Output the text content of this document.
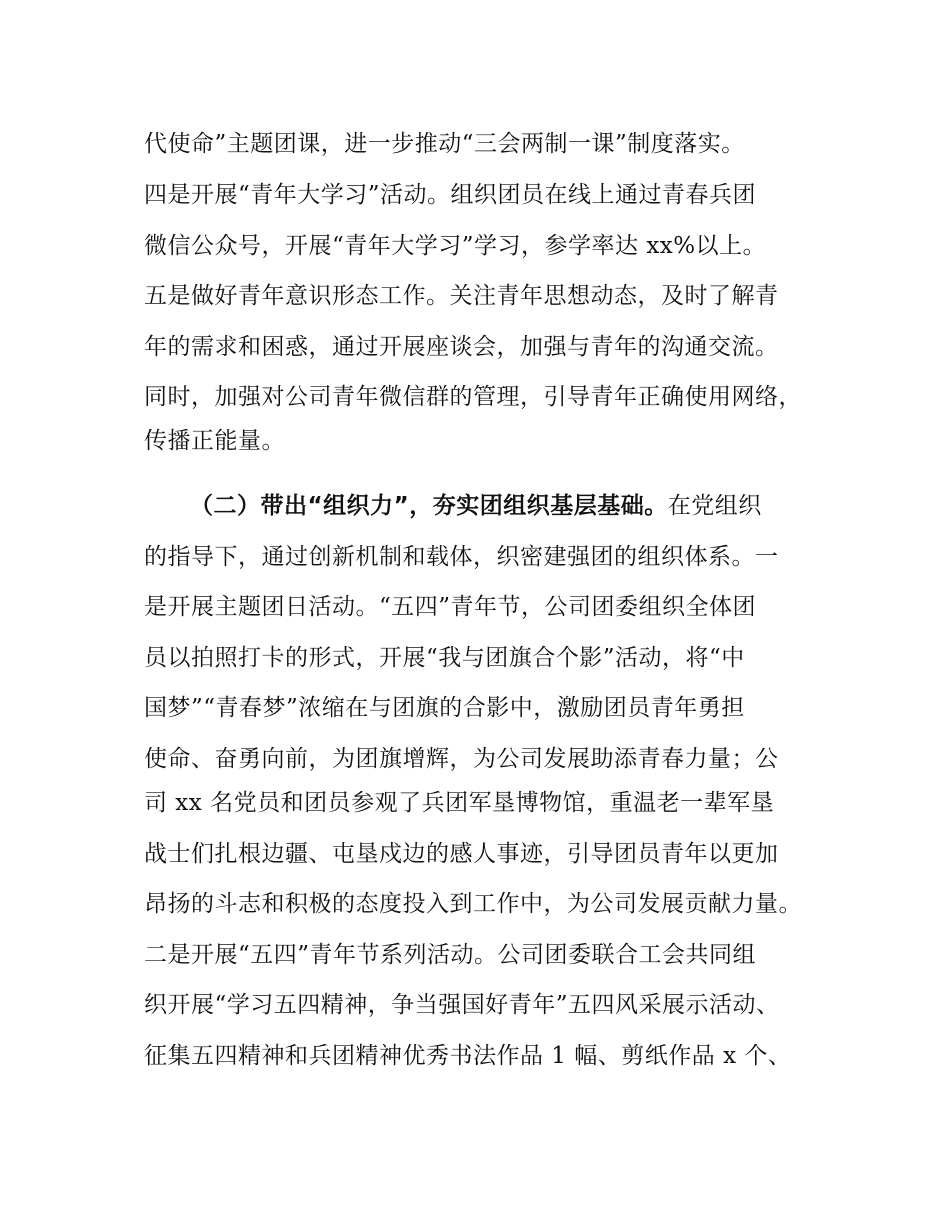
代使命”主题团课，进一步推动“三会两制一课”制度落实。
四是开展“青年大学习”活动。组织团员在线上通过青春兵团
微信公众号，开展“青年大学习”学习，参学率达 xx%以上。
五是做好青年意识形态工作。关注青年思想动态，及时了解青
年的需求和困惑，通过开展座谈会，加强与青年的沟通交流。
同时，加强对公司青年微信群的管理，引导青年正确使用网络，
传播正能量。
（二）带出“组织力”，夯实团组织基层基础。在党组织
的指导下，通过创新机制和载体，织密建强团的组织体系。一
是开展主题团日活动。“五四”青年节，公司团委组织全体团
员以拍照打卡的形式，开展“我与团旗合个影”活动，将“中
国梦”“青春梦”浓缩在与团旗的合影中，激励团员青年勇担
使命、奋勇向前，为团旗增辉，为公司发展助添青春力量；公
司 xx 名党员和团员参观了兵团军垦博物馆，重温老一辈军垦
战士们扎根边疆、屯垦戍边的感人事迹，引导团员青年以更加
昂扬的斗志和积极的态度投入到工作中，为公司发展贡献力量。
二是开展“五四”青年节系列活动。公司团委联合工会共同组
织开展“学习五四精神，争当强国好青年”五四风采展示活动、
征集五四精神和兵团精神优秀书法作品 1 幅、剪纸作品 x 个、
